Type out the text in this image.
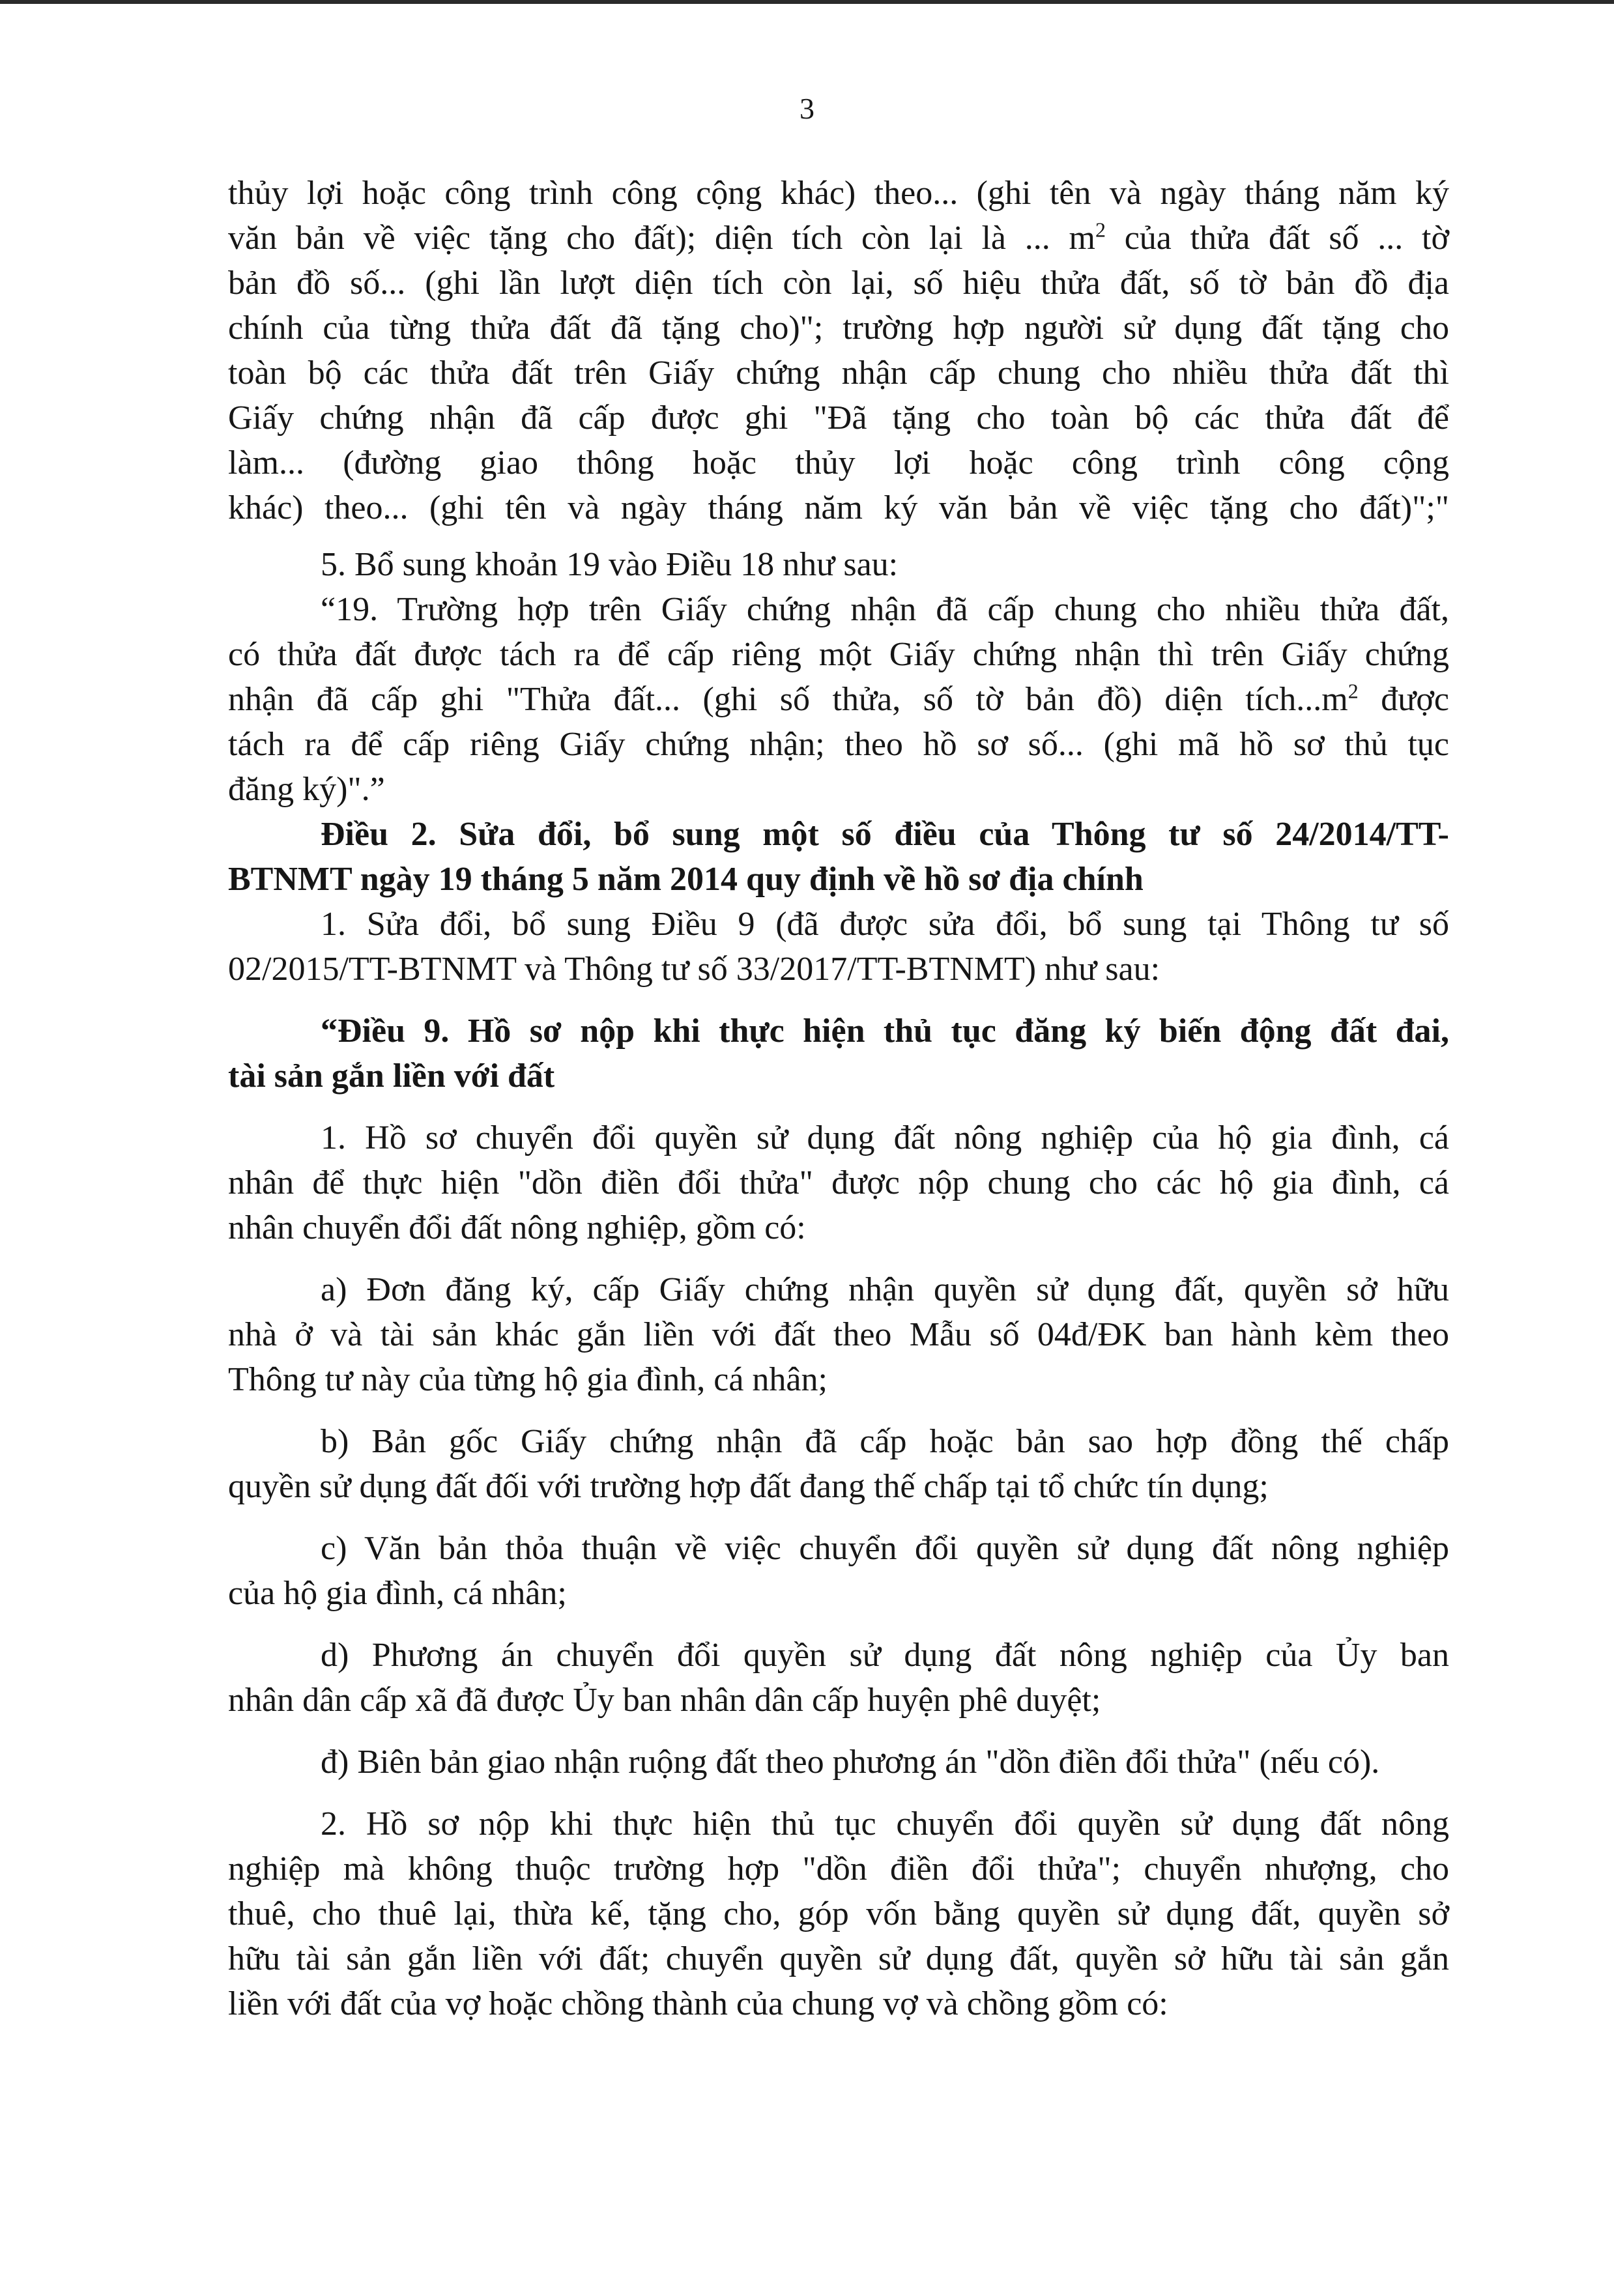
3

thủy lợi hoặc công trình công cộng khác) theo... (ghi tên và ngày tháng năm ký

văn bản về việc tặng cho đất); diện tích còn lại là ... $m^2$ của thửa đất số ... tờ

bản đồ số... (ghi lần lượt diện tích còn lại, số hiệu thửa đất, số tờ bản đồ địa

chính của từng thửa đất đã tặng cho)"; trường hợp người sử dụng đất tặng cho

toàn bộ các thửa đất trên Giấy chứng nhận cấp chung cho nhiều thửa đất thì

Giấy chứng nhận đã cấp được ghi "Đã tặng cho toàn bộ các thửa đất để

làm... (đường giao thông hoặc thủy lợi hoặc công trình công cộng

khác) theo... (ghi tên và ngày tháng năm ký văn bản về việc tặng cho đất)";"

5. Bổ sung khoản 19 vào Điều 18 như sau:

“19. Trường hợp trên Giấy chứng nhận đã cấp chung cho nhiều thửa đất,

có thửa đất được tách ra để cấp riêng một Giấy chứng nhận thì trên Giấy chứng

nhận đã cấp ghi "Thửa đất... (ghi số thửa, số tờ bản đồ) diện $tích...m^2$ được

tách ra để cấp riêng Giấy chứng nhận; theo hồ sơ số... (ghi mã hồ sơ thủ tục

đăng ký)".”

Điều 2. Sửa đổi, bổ sung một số điều của Thông tư số 24/2014/TT-

BTNMT ngày 19 tháng 5 năm 2014 quy định về hồ sơ địa chính

1. Sửa đổi, bổ sung Điều 9 (đã được sửa đổi, bổ sung tại Thông tư số

02/2015/TT-BTNMT và Thông tư số 33/2017/TT-BTNMT) như sau:

“Điều 9. Hồ sơ nộp khi thực hiện thủ tục đăng ký biến động đất đai,

tài sản gắn liền với đất

1. Hồ sơ chuyển đổi quyền sử dụng đất nông nghiệp của hộ gia đình, cá

nhân để thực hiện "dồn điền đổi thửa" được nộp chung cho các hộ gia đình, cá

nhân chuyển đổi đất nông nghiệp, gồm có:

a) Đơn đăng ký, cấp Giấy chứng nhận quyền sử dụng đất, quyền sở hữu

nhà ở và tài sản khác gắn liền với đất theo Mẫu số 04đ/ĐK ban hành kèm theo

Thông tư này của từng hộ gia đình, cá nhân;

b) Bản gốc Giấy chứng nhận đã cấp hoặc bản sao hợp đồng thế chấp

quyền sử dụng đất đối với trường hợp đất đang thế chấp tại tổ chức tín dụng;

c) Văn bản thỏa thuận về việc chuyển đổi quyền sử dụng đất nông nghiệp

của hộ gia đình, cá nhân;

d) Phương án chuyển đổi quyền sử dụng đất nông nghiệp của Ủy ban

nhân dân cấp xã đã được Ủy ban nhân dân cấp huyện phê duyệt;

đ) Biên bản giao nhận ruộng đất theo phương án "dồn điền đổi thửa" (nếu có).

2. Hồ sơ nộp khi thực hiện thủ tục chuyển đổi quyền sử dụng đất nông

nghiệp mà không thuộc trường hợp "dồn điền đổi thửa"; chuyển nhượng, cho

thuê, cho thuê lại, thừa kế, tặng cho, góp vốn bằng quyền sử dụng đất, quyền sở

hữu tài sản gắn liền với đất; chuyển quyền sử dụng đất, quyền sở hữu tài sản gắn

liền với đất của vợ hoặc chồng thành của chung vợ và chồng gồm có:
